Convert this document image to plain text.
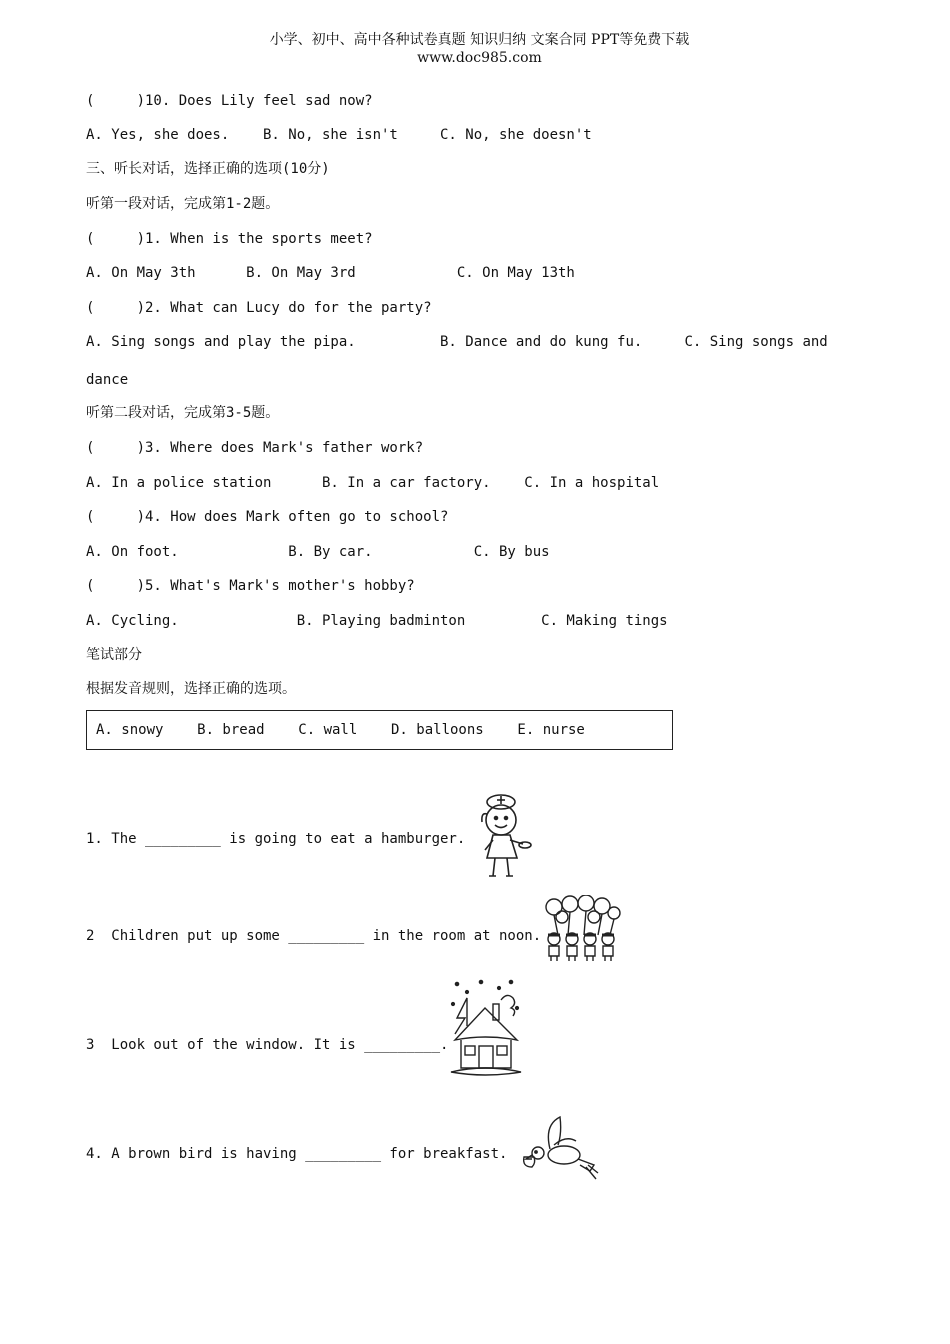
小学、初中、高中各种试卷真题 知识归纳 文案合同 PPT等免费下载
www.doc985.com

(     )10. Does Lily feel sad now?
A. Yes, she does.    B. No, she isn't     C. No, she doesn't
三、听长对话，选择正确的选项(10分)
听第一段对话，完成第1-2题。
(     )1. When is the sports meet?
A. On May 3th      B. On May 3rd            C. On May 13th
(     )2. What can Lucy do for the party?
A. Sing songs and play the pipa.          B. Dance and do kung fu.     C. Sing songs and
dance
听第二段对话，完成第3-5题。
(     )3. Where does Mark's father work?
A. In a police station      B. In a car factory.    C. In a hospital
(     )4. How does Mark often go to school?
A. On foot.             B. By car.            C. By bus
(     )5. What's Mark's mother's hobby?
A. Cycling.              B. Playing badminton         C. Making tings
笔试部分
根据发音规则，选择正确的选项。
A. snowy    B. bread    C. wall    D. balloons    E. nurse
1. The _________ is going to eat a hamburger.
2  Children put up some _________ in the room at noon.
3  Look out of the window. It is _________.
4. A brown bird is having _________ for breakfast.
